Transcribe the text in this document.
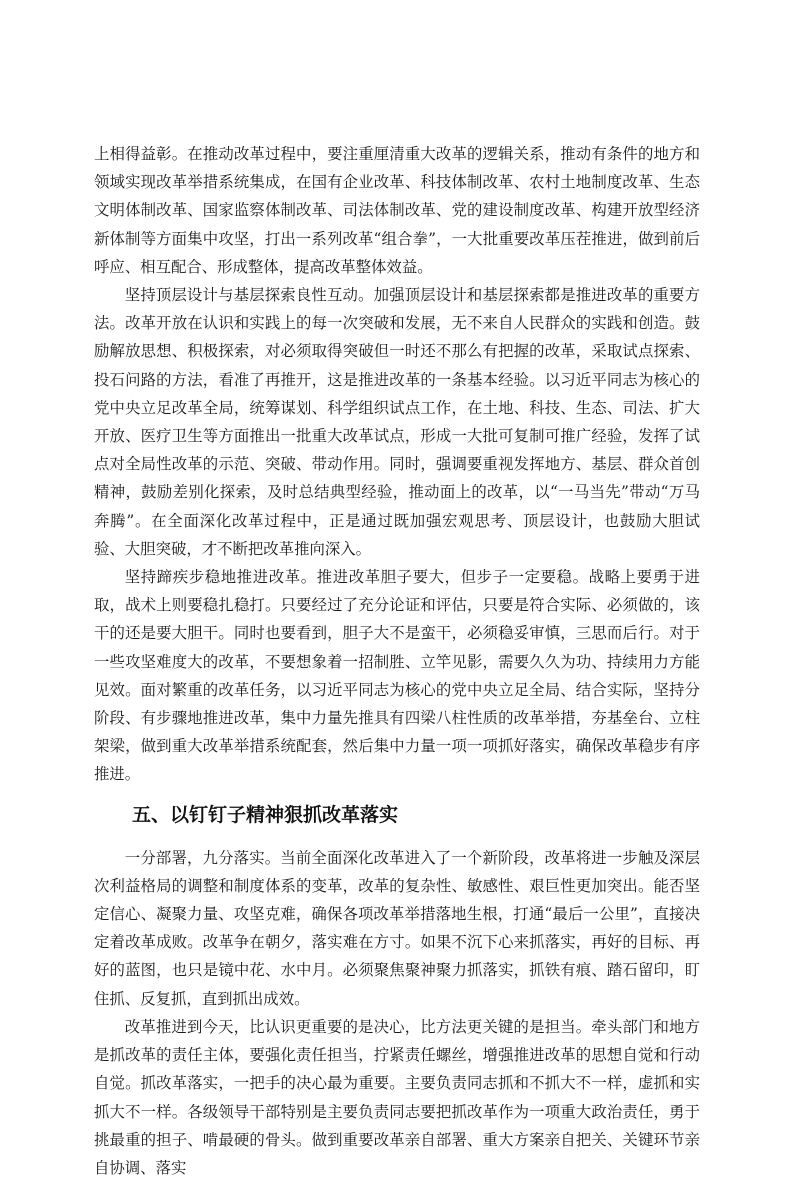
上相得益彰。在推动改革过程中，要注重厘清重大改革的逻辑关系，推动有条件的地方和领域实现改革举措系统集成，在国有企业改革、科技体制改革、农村土地制度改革、生态文明体制改革、国家监察体制改革、司法体制改革、党的建设制度改革、构建开放型经济新体制等方面集中攻坚，打出一系列改革“组合拳”，一大批重要改革压茬推进，做到前后呼应、相互配合、形成整体，提高改革整体效益。

坚持顶层设计与基层探索良性互动。加强顶层设计和基层探索都是推进改革的重要方法。改革开放在认识和实践上的每一次突破和发展，无不来自人民群众的实践和创造。鼓励解放思想、积极探索，对必须取得突破但一时还不那么有把握的改革，采取试点探索、投石问路的方法，看准了再推开，这是推进改革的一条基本经验。以习近平同志为核心的党中央立足改革全局，统筹谋划、科学组织试点工作，在土地、科技、生态、司法、扩大开放、医疗卫生等方面推出一批重大改革试点，形成一大批可复制可推广经验，发挥了试点对全局性改革的示范、突破、带动作用。同时，强调要重视发挥地方、基层、群众首创精神，鼓励差别化探索，及时总结典型经验，推动面上的改革，以“一马当先”带动“万马奔腾”。在全面深化改革过程中，正是通过既加强宏观思考、顶层设计，也鼓励大胆试验、大胆突破，才不断把改革推向深入。

坚持蹄疾步稳地推进改革。推进改革胆子要大，但步子一定要稳。战略上要勇于进取，战术上则要稳扎稳打。只要经过了充分论证和评估，只要是符合实际、必须做的，该干的还是要大胆干。同时也要看到，胆子大不是蛮干，必须稳妥审慎，三思而后行。对于一些攻坚难度大的改革，不要想象着一招制胜、立竿见影，需要久久为功、持续用力方能见效。面对繁重的改革任务，以习近平同志为核心的党中央立足全局、结合实际，坚持分阶段、有步骤地推进改革，集中力量先推具有四梁八柱性质的改革举措，夯基垒台、立柱架梁，做到重大改革举措系统配套，然后集中力量一项一项抓好落实，确保改革稳步有序推进。

五、以钉钉子精神狠抓改革落实

一分部署，九分落实。当前全面深化改革进入了一个新阶段，改革将进一步触及深层次利益格局的调整和制度体系的变革，改革的复杂性、敏感性、艰巨性更加突出。能否坚定信心、凝聚力量、攻坚克难，确保各项改革举措落地生根，打通“最后一公里”，直接决定着改革成败。改革争在朝夕，落实难在方寸。如果不沉下心来抓落实，再好的目标、再好的蓝图，也只是镜中花、水中月。必须聚焦聚神聚力抓落实，抓铁有痕、踏石留印，盯住抓、反复抓，直到抓出成效。

改革推进到今天，比认识更重要的是决心，比方法更关键的是担当。牵头部门和地方是抓改革的责任主体，要强化责任担当，拧紧责任螺丝，增强推进改革的思想自觉和行动自觉。抓改革落实，一把手的决心最为重要。主要负责同志抓和不抓大不一样，虚抓和实抓大不一样。各级领导干部特别是主要负责同志要把抓改革作为一项重大政治责任，勇于挑最重的担子、啃最硬的骨头。做到重要改革亲自部署、重大方案亲自把关、关键环节亲自协调、落实
